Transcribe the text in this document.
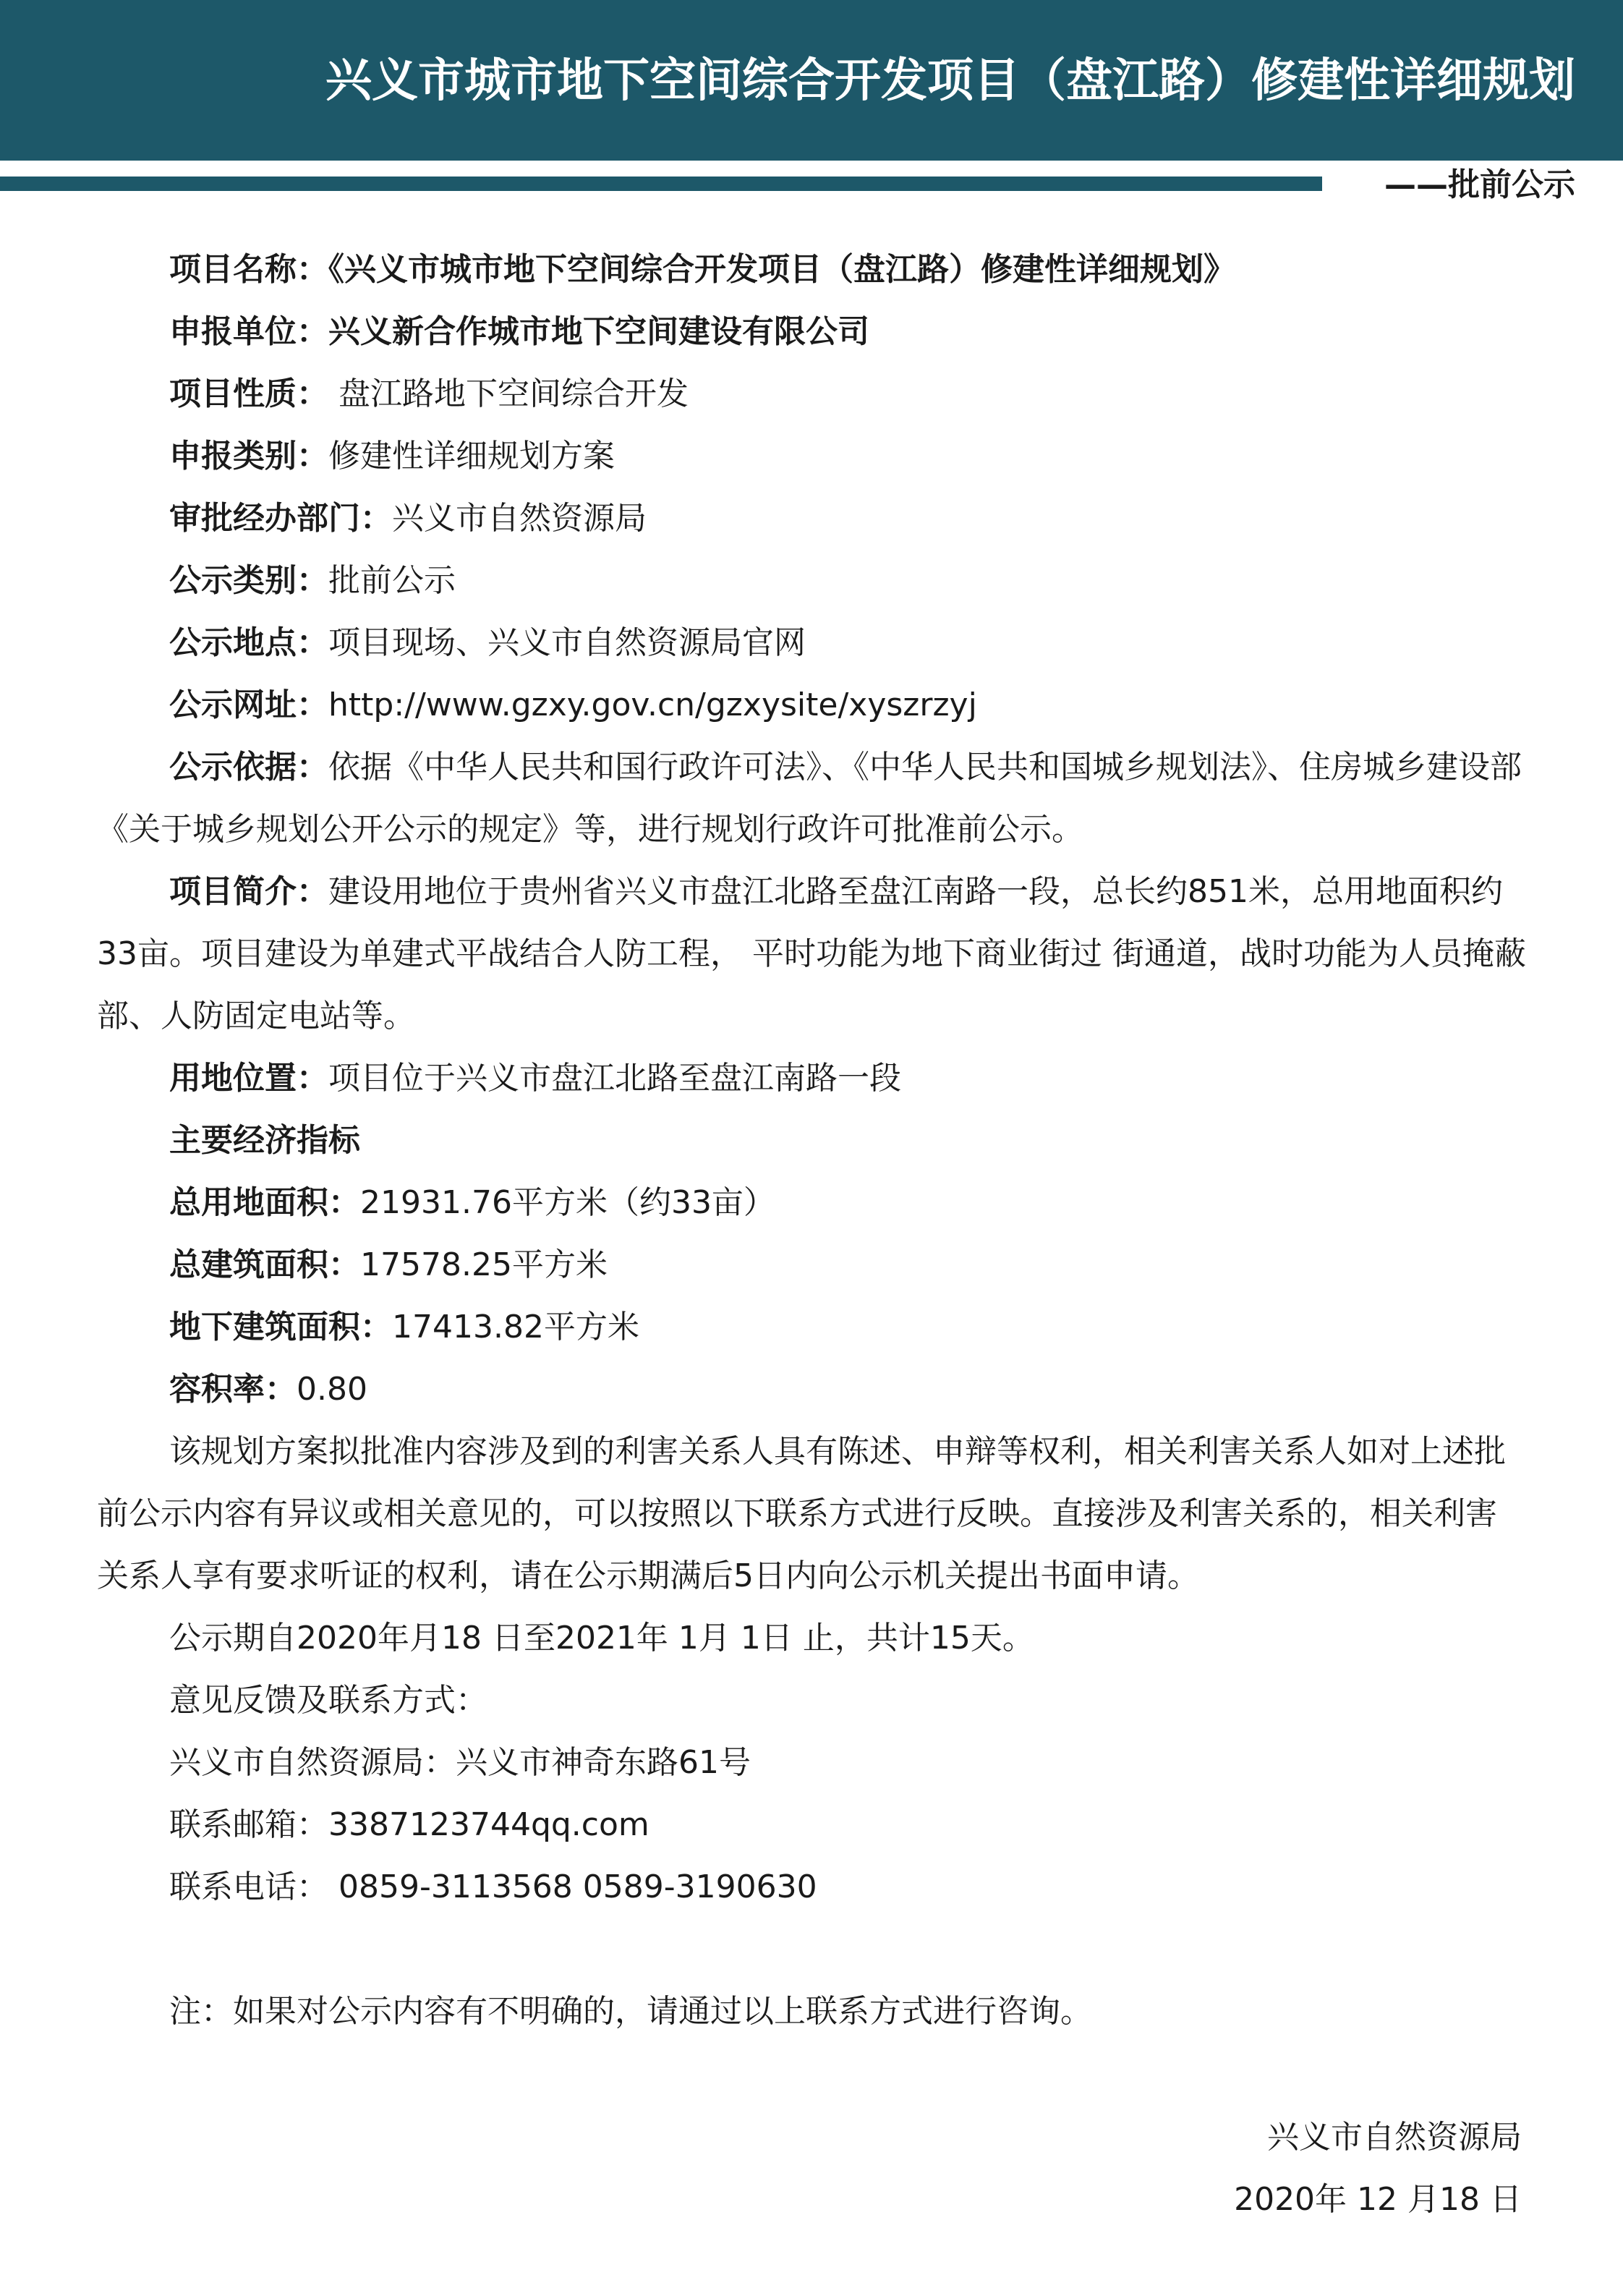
兴义市城市地下空间综合开发项目（盘江路）修建性详细规划
——批前公示
项目名称：《兴义市城市地下空间综合开发项目（盘江路）修建性详细规划》
申报单位：兴义新合作城市地下空间建设有限公司
项目性质： 盘江路地下空间综合开发
申报类别：修建性详细规划方案
审批经办部门：兴义市自然资源局
公示类别：批前公示
公示地点：项目现场、兴义市自然资源局官网
公示网址：http://www.gzxy.gov.cn/gzxysite/xyszrzyj
公示依据：依据《中华人民共和国行政许可法》、《中华人民共和国城乡规划法》、住房城乡建设部《关于城乡规划公开公示的规定》等，进行规划行政许可批准前公示。
项目简介：建设用地位于贵州省兴义市盘江北路至盘江南路一段，总长约851米，总用地面积约33亩。项目建设为单建式平战结合人防工程， 平时功能为地下商业街过 街通道，战时功能为人员掩蔽部、人防固定电站等。
用地位置：项目位于兴义市盘江北路至盘江南路一段
主要经济指标
总用地面积：21931.76平方米（约33亩）
总建筑面积：17578.25平方米
地下建筑面积：17413.82平方米
容积率：0.80
该规划方案拟批准内容涉及到的利害关系人具有陈述、申辩等权利，相关利害关系人如对上述批前公示内容有异议或相关意见的，可以按照以下联系方式进行反映。直接涉及利害关系的，相关利害关系人享有要求听证的权利，请在公示期满后5日内向公示机关提出书面申请。
公示期自2020年月18 日至2021年 1月 1日 止，共计15天。
意见反馈及联系方式：
兴义市自然资源局：兴义市神奇东路61号
联系邮箱：3387123744qq.com
联系电话： 0859-3113568 0589-3190630
注：如果对公示内容有不明确的，请通过以上联系方式进行咨询。
兴义市自然资源局
2020年 12 月18 日
